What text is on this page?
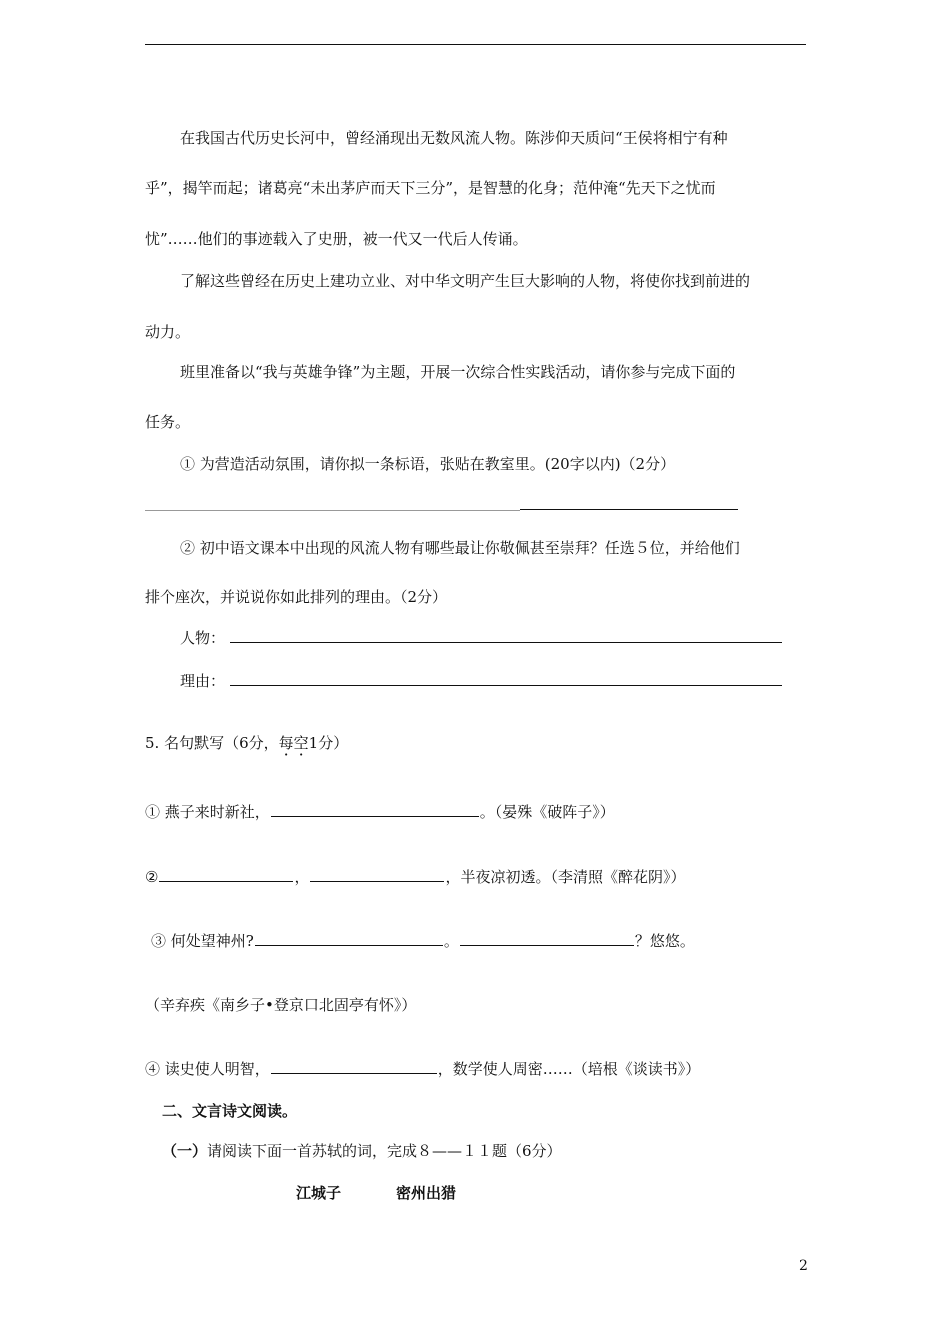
在我国古代历史长河中，曾经涌现出无数风流人物。陈涉仰天质问“王侯将相宁有种
乎”，揭竿而起；诸葛亮“未出茅庐而天下三分”，是智慧的化身；范仲淹“先天下之忧而
忧”……他们的事迹载入了史册，被一代又一代后人传诵。
了解这些曾经在历史上建功立业、对中华文明产生巨大影响的人物，将使你找到前进的
动力。
班里准备以“我与英雄争锋”为主题，开展一次综合性实践活动，请你参与完成下面的
任务。
① 为营造活动氛围，请你拟一条标语，张贴在教室里。(20字以内)（2分）
② 初中语文课本中出现的风流人物有哪些最让你敬佩甚至崇拜？任选５位，并给他们
排个座次，并说说你如此排列的理由。（2分）
人物：
理由：
5. 名句默写（6分，每空1分）
① 燕子来时新社，	。（晏殊《破阵子》）
②	，	，半夜凉初透。（李清照《醉花阴》）
③ 何处望神州?	。	？悠悠。
（辛弃疾《南乡子•登京口北固亭有怀》）
④ 读史使人明智，	，数学使人周密……（培根《谈读书》）
二、文言诗文阅读。
（一）请阅读下面一首苏轼的词，完成８——１１题（6分）
江城子	密州出猎
2
